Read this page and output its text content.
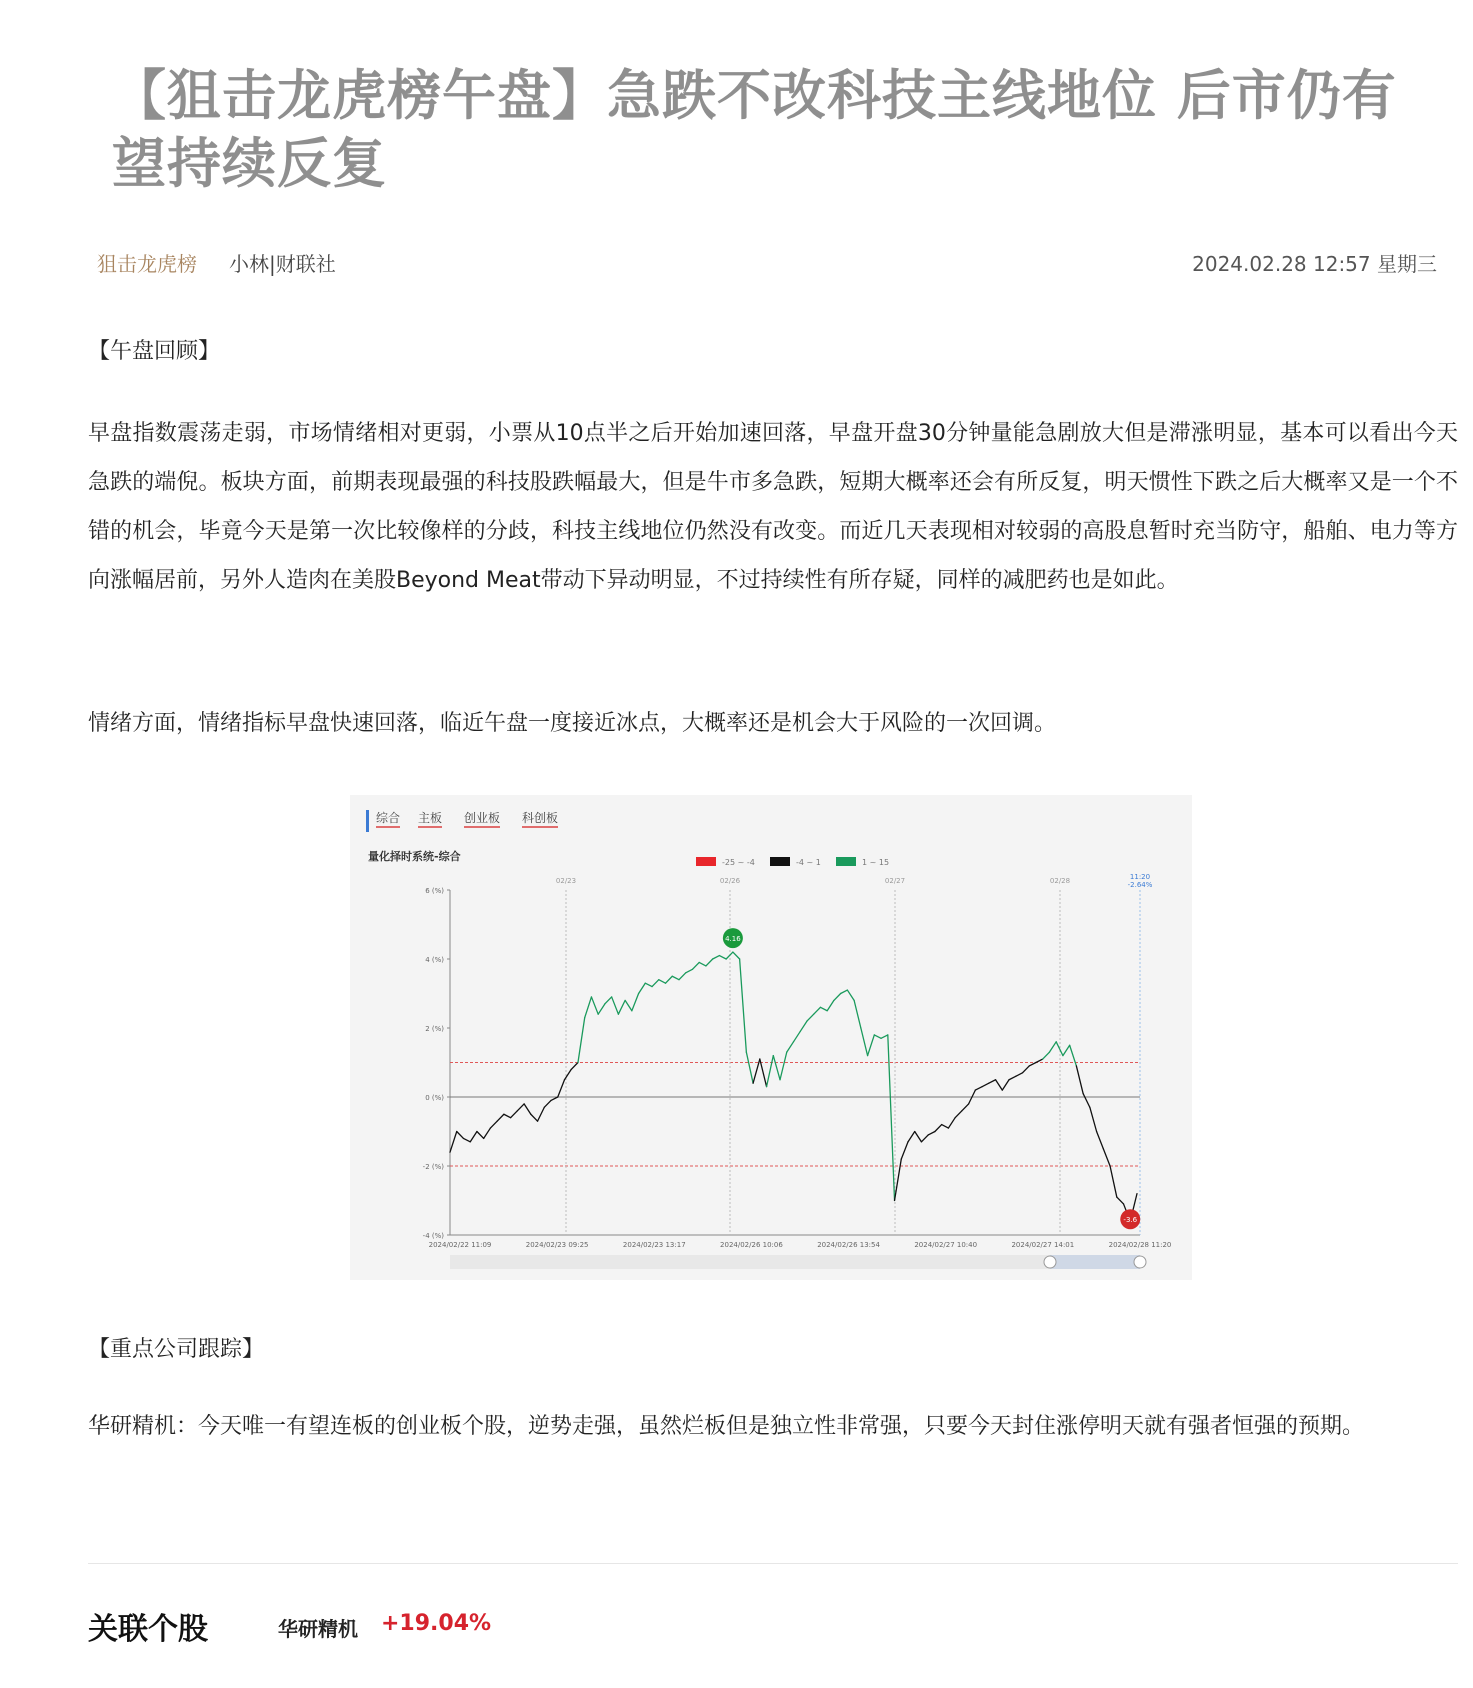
【狙击龙虎榜午盘】急跌不改科技主线地位 后市仍有望持续反复
狙击龙虎榜 小林|财联社	2024.02.28 12:57 星期三
【午盘回顾】

早盘指数震荡走弱，市场情绪相对更弱，小票从10点半之后开始加速回落，早盘开盘30分钟量能急剧放大但是滞涨明显，基本可以看出今天急跌的端倪。板块方面，前期表现最强的科技股跌幅最大，但是牛市多急跌，短期大概率还会有所反复，明天惯性下跌之后大概率又是一个不错的机会，毕竟今天是第一次比较像样的分歧，科技主线地位仍然没有改变。而近几天表现相对较弱的高股息暂时充当防守，船舶、电力等方向涨幅居前，另外人造肉在美股Beyond Meat带动下异动明显，不过持续性有所存疑，同样的减肥药也是如此。

情绪方面，情绪指标早盘快速回落，临近午盘一度接近冰点，大概率还是机会大于风险的一次回调。

综合 主板 创业板 科创板
量化择时系统-综合	-25 ~ -4	-4 ~ 1	1 ~ 15
6 (%)
4 (%)
2 (%)
0 (%)
-2 (%)
-4 (%)
02/23	02/26	02/27	02/28	11:20
-2.64%
2024/02/22 11:09	2024/02/23 09:25	2024/02/23 13:17	2024/02/26 10:06	2024/02/26 13:54	2024/02/27 10:40	2024/02/27 14:01	2024/02/28 11:20
4.16
-3.6
【重点公司跟踪】

华研精机：今天唯一有望连板的创业板个股，逆势走强，虽然烂板但是独立性非常强，只要今天封住涨停明天就有强者恒强的预期。

关联个股	华研精机 +19.04%
